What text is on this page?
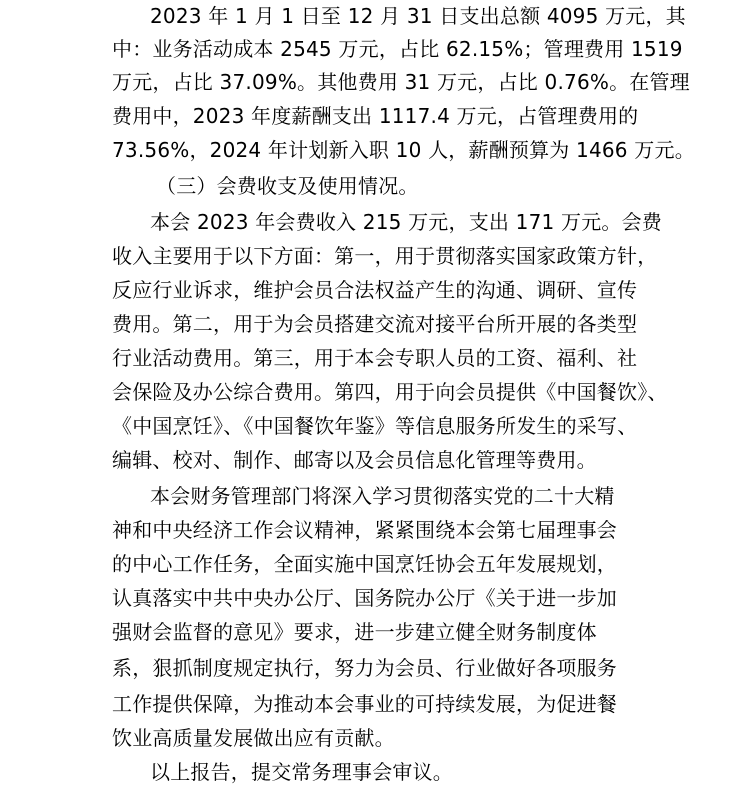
2023 年 1 月 1 日至 12 月 31 日支出总额 4095 万元，其
中：业务活动成本 2545 万元，占比 62.15%；管理费用 1519
万元，占比 37.09%。其他费用 31 万元，占比 0.76%。在管理
费用中，2023 年度薪酬支出 1117.4 万元，占管理费用的
73.56%，2024 年计划新入职 10 人，薪酬预算为 1466 万元。
（三）会费收支及使用情况。
本会 2023 年会费收入 215 万元，支出 171 万元。会费
收入主要用于以下方面：第一，用于贯彻落实国家政策方针，
反应行业诉求，维护会员合法权益产生的沟通、调研、宣传
费用。第二，用于为会员搭建交流对接平台所开展的各类型
行业活动费用。第三，用于本会专职人员的工资、福利、社
会保险及办公综合费用。第四，用于向会员提供《中国餐饮》、
《中国烹饪》、《中国餐饮年鉴》等信息服务所发生的采写、
编辑、校对、制作、邮寄以及会员信息化管理等费用。
本会财务管理部门将深入学习贯彻落实党的二十大精
神和中央经济工作会议精神，紧紧围绕本会第七届理事会
的中心工作任务，全面实施中国烹饪协会五年发展规划，
认真落实中共中央办公厅、国务院办公厅《关于进一步加
强财会监督的意见》要求，进一步建立健全财务制度体
系，狠抓制度规定执行，努力为会员、行业做好各项服务
工作提供保障，为推动本会事业的可持续发展，为促进餐
饮业高质量发展做出应有贡献。
以上报告，提交常务理事会审议。
